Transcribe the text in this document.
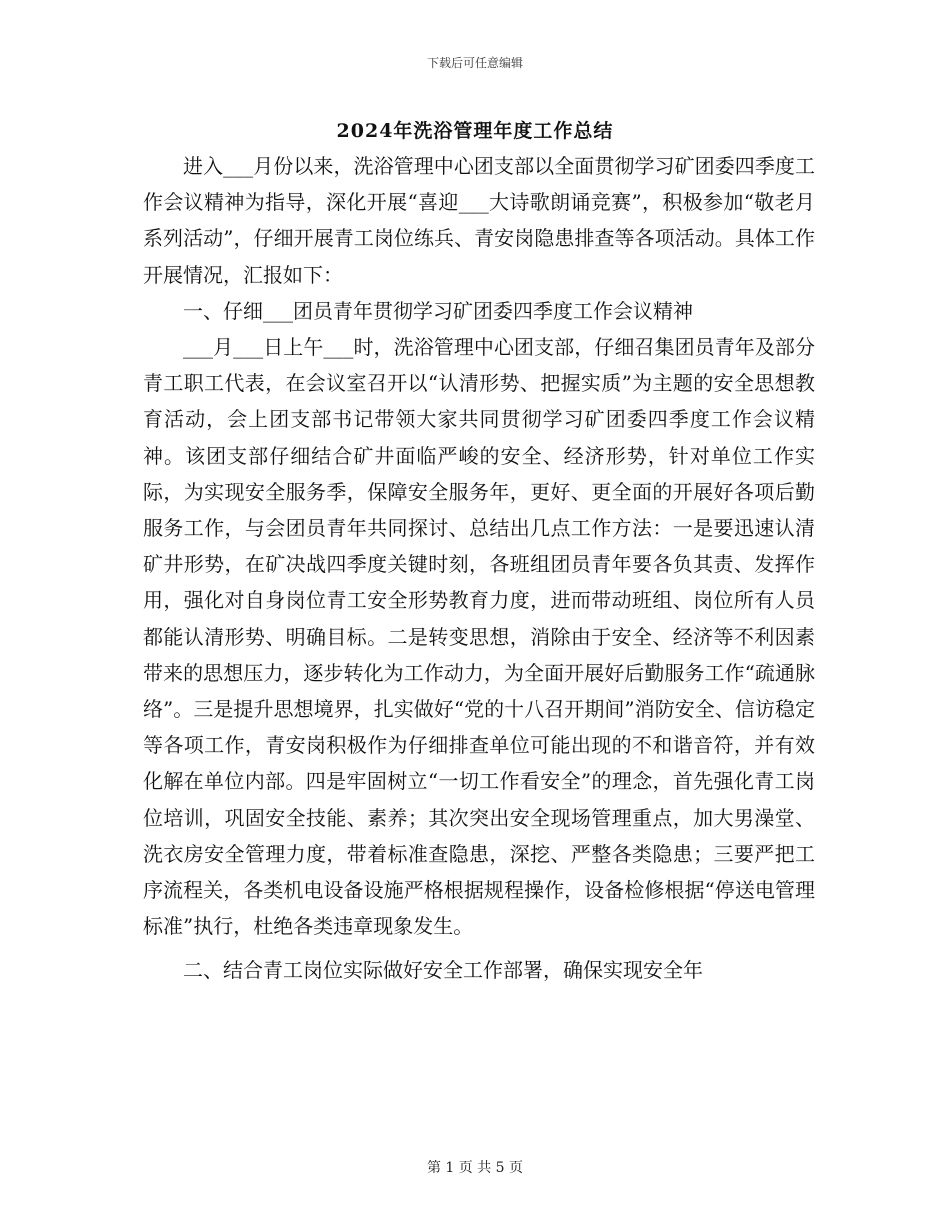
下载后可任意编辑
2024年洗浴管理年度工作总结

进入___月份以来，洗浴管理中心团支部以全面贯彻学习矿团委四季度工作会议精神为指导，深化开展“喜迎___大诗歌朗诵竞赛”，积极参加“敬老月系列活动”，仔细开展青工岗位练兵、青安岗隐患排查等各项活动。具体工作开展情况，汇报如下：

一、仔细___团员青年贯彻学习矿团委四季度工作会议精神

___月___日上午___时，洗浴管理中心团支部，仔细召集团员青年及部分青工职工代表，在会议室召开以“认清形势、把握实质”为主题的安全思想教育活动，会上团支部书记带领大家共同贯彻学习矿团委四季度工作会议精神。该团支部仔细结合矿井面临严峻的安全、经济形势，针对单位工作实际，为实现安全服务季，保障安全服务年，更好、更全面的开展好各项后勤服务工作，与会团员青年共同探讨、总结出几点工作方法：一是要迅速认清矿井形势，在矿决战四季度关键时刻，各班组团员青年要各负其责、发挥作用，强化对自身岗位青工安全形势教育力度，进而带动班组、岗位所有人员都能认清形势、明确目标。二是转变思想，消除由于安全、经济等不利因素带来的思想压力，逐步转化为工作动力，为全面开展好后勤服务工作“疏通脉络”。三是提升思想境界，扎实做好“党的十八召开期间”消防安全、信访稳定等各项工作，青安岗积极作为仔细排查单位可能出现的不和谐音符，并有效化解在单位内部。四是牢固树立“一切工作看安全”的理念，首先强化青工岗位培训，巩固安全技能、素养；其次突出安全现场管理重点，加大男澡堂、洗衣房安全管理力度，带着标准查隐患，深挖、严整各类隐患；三要严把工序流程关，各类机电设备设施严格根据规程操作，设备检修根据“停送电管理标准”执行，杜绝各类违章现象发生。

二、结合青工岗位实际做好安全工作部署，确保实现安全年

第 1 页 共 5 页
